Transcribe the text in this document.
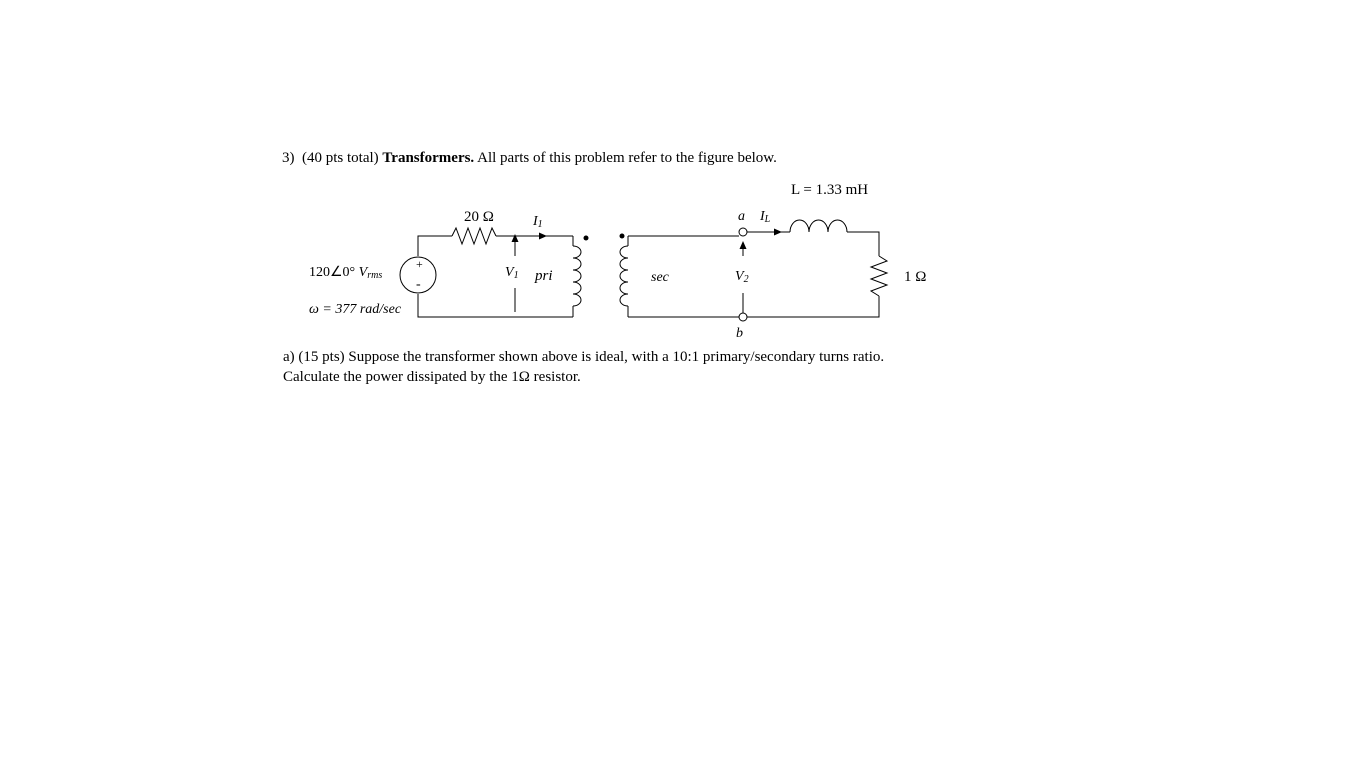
3) (40 pts total) Transformers. All parts of this problem refer to the figure below.
L = 1.33 mH
20 Ω	I1
a IL
120∠0° Vrms
+
-
V1 pri	sec	V2	1 Ω
ω = 377 rad/sec
b
a) (15 pts) Suppose the transformer shown above is ideal, with a 10:1 primary/secondary turns ratio.
Calculate the power dissipated by the 1Ω resistor.
